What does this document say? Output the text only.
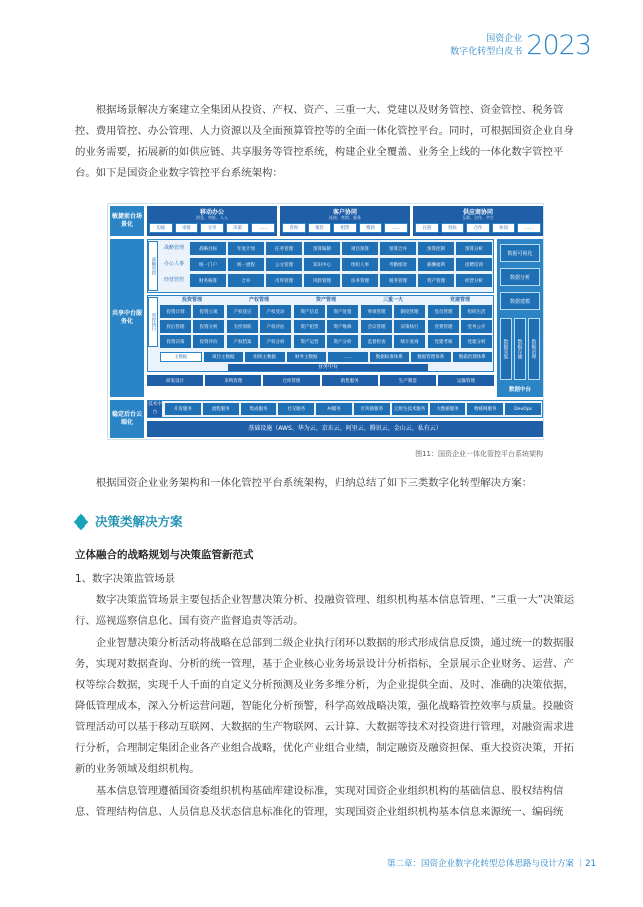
国资企业
数字化转型白皮书 2023

根据场景解决方案建立全集团从投资、产权、资产、三重一大、党建以及财务管控、资金管控、税务管控、费用管控、办公管理、人力资源以及全面预算管控等的全面一体化管控平台。同时，可根据国资企业自身的业务需要，拓展新的如供应链、共享服务等管控系统，构建企业全覆盖、业务全上线的一体化数字管控平台。如下是国资企业数字管控平台系统架构：

敏捷前台场景化
共享中台服务化
稳定后台云端化
移动办公
消息、审批、人人
沟通	审批	分享	决策	……
客户协同
连接、营销、服务
咨询	推荐	租赁	缴款	……
供应商协同
互联、合作、共生
注册	投标	合作	协同	……
战略管控
战略管理	战略目标	年度计划	任务管理	预算编制	项目预算	预算合并	预算控制	预算分析
办公人事	统一门户	统一流程	公文管理	知识中心	组织人事	考勤绩效	薪酬福利	招聘培训
经营管控	财务核算	合并	司库管理	风险管理	法务管理	税务管理	资产管理	经营分析
管控执行
投资管理
投资计划	投资立项
投后管理	投资分析
投资决策	投资评价
产权管理
产权登记	产权变动
无偿划转	产权评估
产权档案	产权分析
资产管理
资产信息	资产处置
资产租赁	资产维修
资产运营	资产分析
三重一大
事项管理	制度管理
会议管理	决策执行
监督检查	统计查询
党建管理
党员管理	组织生活
党费管理	党务公开
党建考核	党建分析
主数据	项目主数据	组织主数据	财务主数据	……	数据标准体系	数据管理体系	数据治理体系
业务中台
研发设计	采购管理	仓库管理	销售服务	生产制造	运输管理
数据可视化
数据分析
数据建模
数据采集	数据存储	数据治理
数据中台
技术中台
开发服务	流程服务	集成服务	社交服务	AI服务	区块链服务	云原生技术服务	大数据服务	物联网服务	DevOps
基础设施（AWS、华为云、京东云、阿里云、腾讯云、金山云、私有云）
图11：国资企业一体化管控平台系统架构

根据国资企业业务架构和一体化管控平台系统架构，归纳总结了如下三类数字化转型解决方案：

决策类解决方案
立体融合的战略规划与决策监管新范式
1、数字决策监管场景

数字决策监管场景主要包括企业智慧决策分析、投融资管理、组织机构基本信息管理、“三重一大”决策运行、巡视巡察信息化、国有资产监督追责等活动。

企业智慧决策分析活动将战略在总部到二级企业执行闭环以数据的形式形成信息反馈，通过统一的数据服务，实现对数据查询、分析的统一管理，基于企业核心业务场景设计分析指标，全景展示企业财务、运营、产权等综合数据，实现千人千面的自定义分析预测及业务多维分析，为企业提供全面、及时、准确的决策依据，降低管理成本，深入分析运营问题，智能化分析预警，科学高效战略决策，强化战略管控效率与质量。投融资管理活动可以基于移动互联网、大数据的生产物联网、云计算、大数据等技术对投资进行管理，对融资需求进行分析，合理制定集团企业各产业组合战略，优化产业组合业绩，制定融资及融资担保、重大投资决策，开拓新的业务领域及组织机构。

基本信息管理遵循国资委组织机构基础库建设标准，实现对国资企业组织机构的基础信息、股权结构信息、管理结构信息、人员信息及状态信息标准化的管理，实现国资企业组织机构基本信息来源统一、编码统

第二章：国资企业数字化转型总体思路与设计方案 ｜21
